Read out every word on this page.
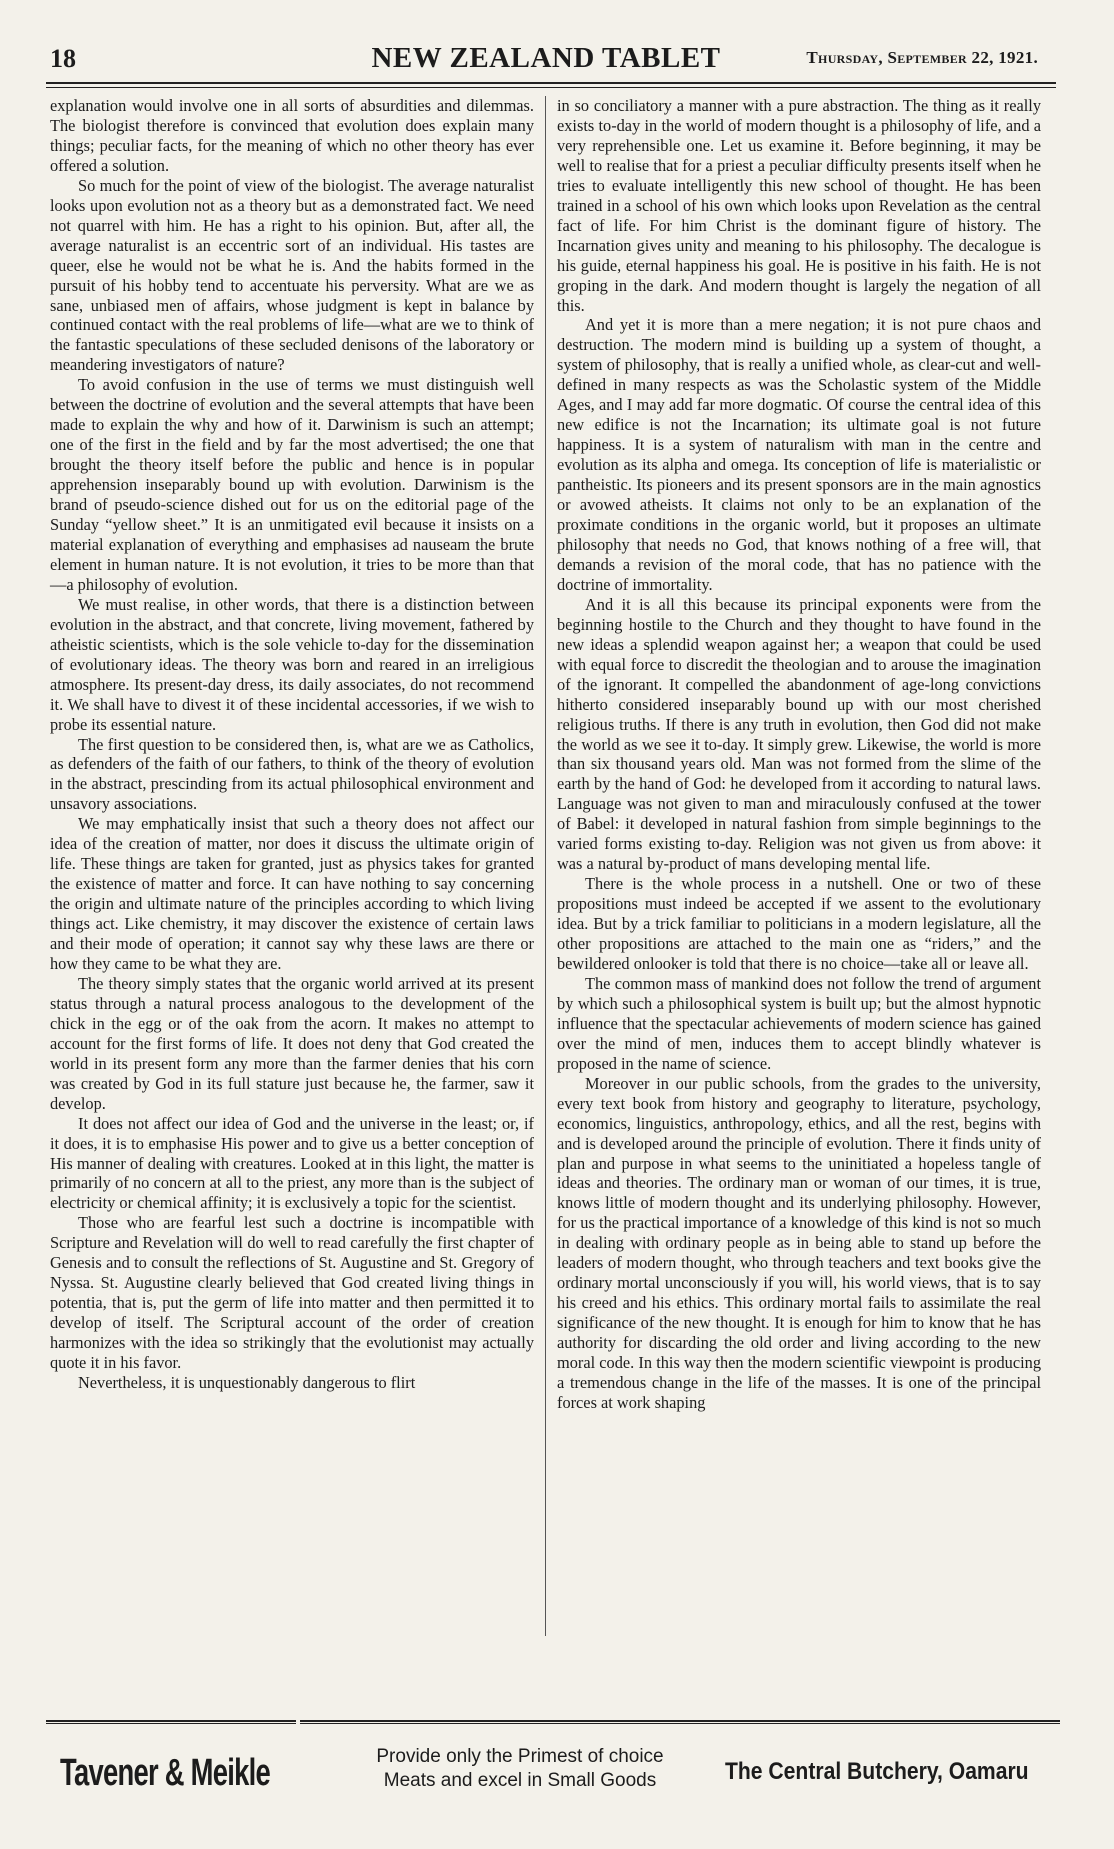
18	NEW ZEALAND TABLET	Thursday, September 22, 1921.

explanation would involve one in all sorts of absurdities and dilemmas. The biologist therefore is convinced that evolution does explain many things; peculiar facts, for the meaning of which no other theory has ever offered a solution.

So much for the point of view of the biologist. The average naturalist looks upon evolution not as a theory but as a demonstrated fact. We need not quarrel with him. He has a right to his opinion. But, after all, the average naturalist is an eccentric sort of an individual. His tastes are queer, else he would not be what he is. And the habits formed in the pursuit of his hobby tend to accentuate his perversity. What are we as sane, unbiased men of affairs, whose judgment is kept in balance by continued contact with the real problems of life—what are we to think of the fantastic speculations of these secluded denisons of the laboratory or meandering investigators of nature?

To avoid confusion in the use of terms we must distinguish well between the doctrine of evolution and the several attempts that have been made to explain the why and how of it. Darwinism is such an attempt; one of the first in the field and by far the most advertised; the one that brought the theory itself before the public and hence is in popular apprehension inseparably bound up with evolution. Darwinism is the brand of pseudo-science dished out for us on the editorial page of the Sunday “yellow sheet.” It is an unmitigated evil because it insists on a material explanation of everything and emphasises ad nauseam the brute element in human nature. It is not evolution, it tries to be more than that—a philosophy of evolution.

We must realise, in other words, that there is a distinction between evolution in the abstract, and that concrete, living movement, fathered by atheistic scientists, which is the sole vehicle to-day for the dissemination of evolutionary ideas. The theory was born and reared in an irreligious atmosphere. Its present-day dress, its daily associates, do not recommend it. We shall have to divest it of these incidental accessories, if we wish to probe its essential nature.

The first question to be considered then, is, what are we as Catholics, as defenders of the faith of our fathers, to think of the theory of evolution in the abstract, prescinding from its actual philosophical environment and unsavory associations.

We may emphatically insist that such a theory does not affect our idea of the creation of matter, nor does it discuss the ultimate origin of life. These things are taken for granted, just as physics takes for granted the existence of matter and force. It can have nothing to say concerning the origin and ultimate nature of the principles according to which living things act. Like chemistry, it may discover the existence of certain laws and their mode of operation; it cannot say why these laws are there or how they came to be what they are.

The theory simply states that the organic world arrived at its present status through a natural process analogous to the development of the chick in the egg or of the oak from the acorn. It makes no attempt to account for the first forms of life. It does not deny that God created the world in its present form any more than the farmer denies that his corn was created by God in its full stature just because he, the farmer, saw it develop.

It does not affect our idea of God and the universe in the least; or, if it does, it is to emphasise His power and to give us a better conception of His manner of dealing with creatures. Looked at in this light, the matter is primarily of no concern at all to the priest, any more than is the subject of electricity or chemical affinity; it is exclusively a topic for the scientist.

Those who are fearful lest such a doctrine is incompatible with Scripture and Revelation will do well to read carefully the first chapter of Genesis and to consult the reflections of St. Augustine and St. Gregory of Nyssa. St. Augustine clearly believed that God created living things in potentia, that is, put the germ of life into matter and then permitted it to develop of itself. The Scriptural account of the order of creation harmonizes with the idea so strikingly that the evolutionist may actually quote it in his favor.

Nevertheless, it is unquestionably dangerous to flirt

in so conciliatory a manner with a pure abstraction. The thing as it really exists to-day in the world of modern thought is a philosophy of life, and a very reprehensible one. Let us examine it. Before beginning, it may be well to realise that for a priest a peculiar difficulty presents itself when he tries to evaluate intelligently this new school of thought. He has been trained in a school of his own which looks upon Revelation as the central fact of life. For him Christ is the dominant figure of history. The Incarnation gives unity and meaning to his philosophy. The decalogue is his guide, eternal happiness his goal. He is positive in his faith. He is not groping in the dark. And modern thought is largely the negation of all this.

And yet it is more than a mere negation; it is not pure chaos and destruction. The modern mind is building up a system of thought, a system of philosophy, that is really a unified whole, as clear-cut and well-defined in many respects as was the Scholastic system of the Middle Ages, and I may add far more dogmatic. Of course the central idea of this new edifice is not the Incarnation; its ultimate goal is not future happiness. It is a system of naturalism with man in the centre and evolution as its alpha and omega. Its conception of life is materialistic or pantheistic. Its pioneers and its present sponsors are in the main agnostics or avowed atheists. It claims not only to be an explanation of the proximate conditions in the organic world, but it proposes an ultimate philosophy that needs no God, that knows nothing of a free will, that demands a revision of the moral code, that has no patience with the doctrine of immortality.

And it is all this because its principal exponents were from the beginning hostile to the Church and they thought to have found in the new ideas a splendid weapon against her; a weapon that could be used with equal force to discredit the theologian and to arouse the imagination of the ignorant. It compelled the abandonment of age-long convictions hitherto considered inseparably bound up with our most cherished religious truths. If there is any truth in evolution, then God did not make the world as we see it to-day. It simply grew. Likewise, the world is more than six thousand years old. Man was not formed from the slime of the earth by the hand of God: he developed from it according to natural laws. Language was not given to man and miraculously confused at the tower of Babel: it developed in natural fashion from simple beginnings to the varied forms existing to-day. Religion was not given us from above: it was a natural by-product of mans developing mental life.

There is the whole process in a nutshell. One or two of these propositions must indeed be accepted if we assent to the evolutionary idea. But by a trick familiar to politicians in a modern legislature, all the other propositions are attached to the main one as “riders,” and the bewildered onlooker is told that there is no choice—take all or leave all.

The common mass of mankind does not follow the trend of argument by which such a philosophical system is built up; but the almost hypnotic influence that the spectacular achievements of modern science has gained over the mind of men, induces them to accept blindly whatever is proposed in the name of science.

Moreover in our public schools, from the grades to the university, every text book from history and geography to literature, psychology, economics, linguistics, anthropology, ethics, and all the rest, begins with and is developed around the principle of evolution. There it finds unity of plan and purpose in what seems to the uninitiated a hopeless tangle of ideas and theories. The ordinary man or woman of our times, it is true, knows little of modern thought and its underlying philosophy. However, for us the practical importance of a knowledge of this kind is not so much in dealing with ordinary people as in being able to stand up before the leaders of modern thought, who through teachers and text books give the ordinary mortal unconsciously if you will, his world views, that is to say his creed and his ethics. This ordinary mortal fails to assimilate the real significance of the new thought. It is enough for him to know that he has authority for discarding the old order and living according to the new moral code. In this way then the modern scientific viewpoint is producing a tremendous change in the life of the masses. It is one of the principal forces at work shaping

Tavener & Meikle	Provide only the Primest of choice
Meats and excel in Small Goods	The Central Butchery, Oamaru
